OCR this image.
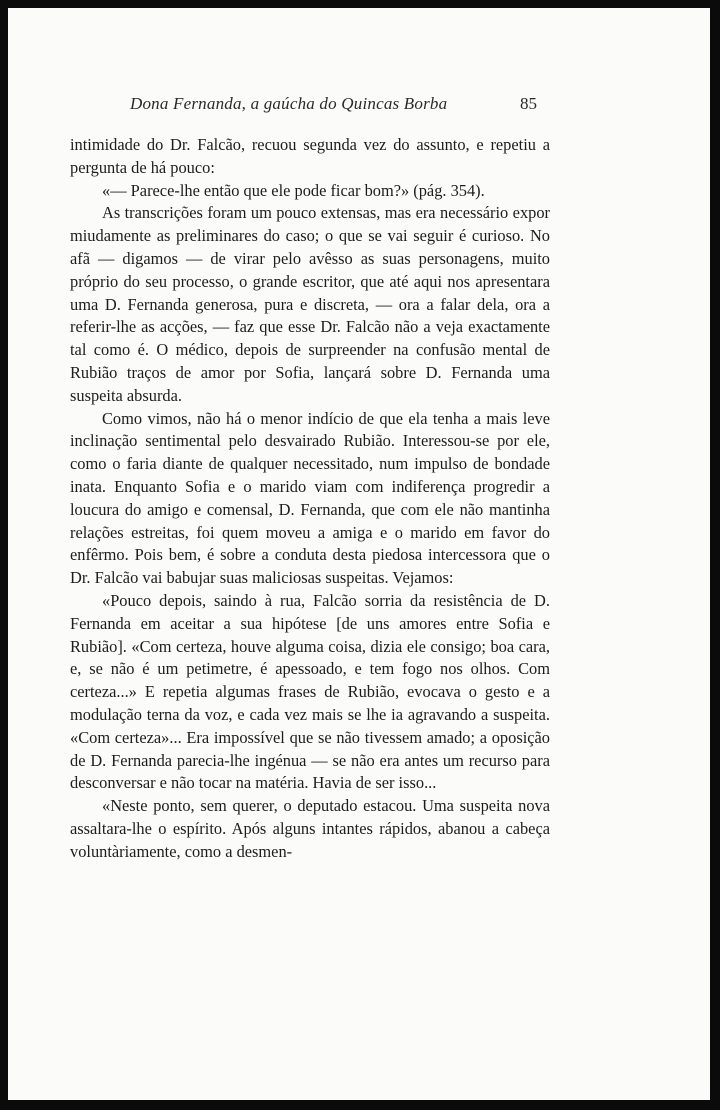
Dona Fernanda, a gaúcha do Quincas Borba	85

intimidade do Dr. Falcão, recuou segunda vez do assunto, e repetiu a pergunta de há pouco:

«— Parece-lhe então que ele pode ficar bom?» (pág. 354).

As transcrições foram um pouco extensas, mas era necessário expor miudamente as preliminares do caso; o que se vai seguir é curioso. No afã — digamos — de virar pelo avêsso as suas personagens, muito próprio do seu processo, o grande escritor, que até aqui nos apresentara uma D. Fernanda generosa, pura e discreta, — ora a falar dela, ora a referir-lhe as acções, — faz que esse Dr. Falcão não a veja exactamente tal como é. O médico, depois de surpreender na confusão mental de Rubião traços de amor por Sofia, lançará sobre D. Fernanda uma suspeita absurda.

Como vimos, não há o menor indício de que ela tenha a mais leve inclinação sentimental pelo desvairado Rubião. Interessou-se por ele, como o faria diante de qualquer necessitado, num impulso de bondade inata. Enquanto Sofia e o marido viam com indiferença progredir a loucura do amigo e comensal, D. Fernanda, que com ele não mantinha relações estreitas, foi quem moveu a amiga e o marido em favor do enfêrmo. Pois bem, é sobre a conduta desta piedosa intercessora que o Dr. Falcão vai babujar suas maliciosas suspeitas. Vejamos:

«Pouco depois, saindo à rua, Falcão sorria da resistência de D. Fernanda em aceitar a sua hipótese [de uns amores entre Sofia e Rubião]. «Com certeza, houve alguma coisa, dizia ele consigo; boa cara, e, se não é um petimetre, é apessoado, e tem fogo nos olhos. Com certeza...» E repetia algumas frases de Rubião, evocava o gesto e a modulação terna da voz, e cada vez mais se lhe ia agravando a suspeita. «Com certeza»... Era impossível que se não tivessem amado; a oposição de D. Fernanda parecia-lhe ingénua — se não era antes um recurso para desconversar e não tocar na matéria. Havia de ser isso...

«Neste ponto, sem querer, o deputado estacou. Uma suspeita nova assaltara-lhe o espírito. Após alguns intantes rápidos, abanou a cabeça voluntàriamente, como a desmen-
